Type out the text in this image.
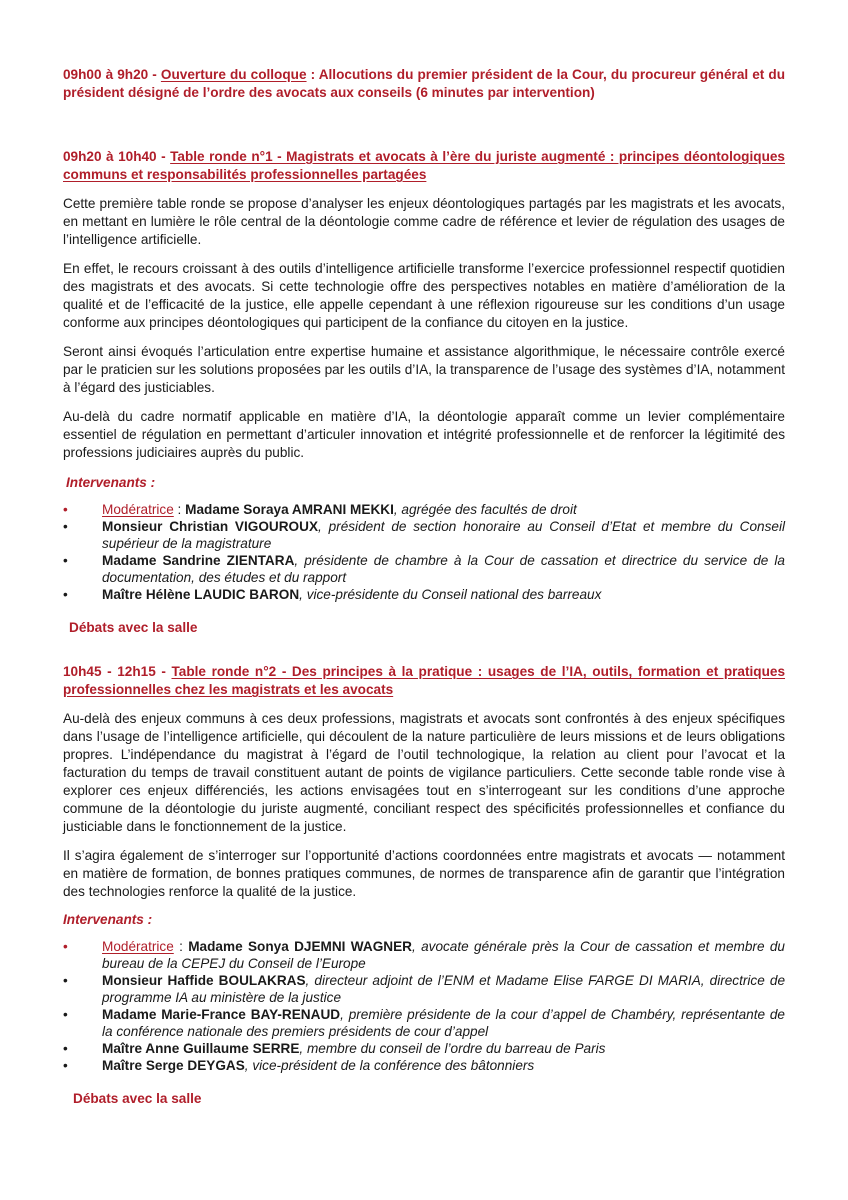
09h00 à 9h20 - Ouverture du colloque : Allocutions du premier président de la Cour, du procureur général et du président désigné de l’ordre des avocats aux conseils (6 minutes par intervention)
09h20 à 10h40 - Table ronde n°1 - Magistrats et avocats à l’ère du juriste augmenté : principes déontologiques communs et responsabilités professionnelles partagées

Cette première table ronde se propose d’analyser les enjeux déontologiques partagés par les magistrats et les avocats, en mettant en lumière le rôle central de la déontologie comme cadre de référence et levier de régulation des usages de l’intelligence artificielle.

En effet, le recours croissant à des outils d’intelligence artificielle transforme l’exercice professionnel respectif quotidien des magistrats et des avocats. Si cette technologie offre des perspectives notables en matière d’amélioration de la qualité et de l’efficacité de la justice, elle appelle cependant à une réflexion rigoureuse sur les conditions d’un usage conforme aux principes déontologiques qui participent de la confiance du citoyen en la justice.

Seront ainsi évoqués l’articulation entre expertise humaine et assistance algorithmique, le nécessaire contrôle exercé par le praticien sur les solutions proposées par les outils d’IA, la transparence de l’usage des systèmes d’IA, notamment à l’égard des justiciables.

Au-delà du cadre normatif applicable en matière d’IA, la déontologie apparaît comme un levier complémentaire essentiel de régulation en permettant d’articuler innovation et intégrité professionnelle et de renforcer la légitimité des professions judiciaires auprès du public.

Intervenants :

•	Modératrice : Madame Soraya AMRANI MEKKI, agrégée des facultés de droit
•	Monsieur Christian VIGOUROUX, président de section honoraire au Conseil d’Etat et membre du Conseil supérieur de la magistrature
•	Madame Sandrine ZIENTARA, présidente de chambre à la Cour de cassation et directrice du service de la documentation, des études et du rapport
•	Maître Hélène LAUDIC BARON, vice-présidente du Conseil national des barreaux

Débats avec la salle

10h45 - 12h15 - Table ronde n°2 - Des principes à la pratique : usages de l’IA, outils, formation et pratiques professionnelles chez les magistrats et les avocats

Au-delà des enjeux communs à ces deux professions, magistrats et avocats sont confrontés à des enjeux spécifiques dans l’usage de l’intelligence artificielle, qui découlent de la nature particulière de leurs missions et de leurs obligations propres. L’indépendance du magistrat à l’égard de l’outil technologique, la relation au client pour l’avocat et la facturation du temps de travail constituent autant de points de vigilance particuliers. Cette seconde table ronde vise à explorer ces enjeux différenciés, les actions envisagées tout en s’interrogeant sur les conditions d’une approche commune de la déontologie du juriste augmenté, conciliant respect des spécificités professionnelles et confiance du justiciable dans le fonctionnement de la justice.

Il s’agira également de s’interroger sur l’opportunité d’actions coordonnées entre magistrats et avocats — notamment en matière de formation, de bonnes pratiques communes, de normes de transparence afin de garantir que l’intégration des technologies renforce la qualité de la justice.

Intervenants :

•	Modératrice : Madame Sonya DJEMNI WAGNER, avocate générale près la Cour de cassation et membre du bureau de la CEPEJ du Conseil de l’Europe
•	Monsieur Haffide BOULAKRAS, directeur adjoint de l’ENM et Madame Elise FARGE DI MARIA, directrice de programme IA au ministère de la justice
•	Madame Marie-France BAY-RENAUD, première présidente de la cour d’appel de Chambéry, représentante de la conférence nationale des premiers présidents de cour d’appel
•	Maître Anne Guillaume SERRE, membre du conseil de l’ordre du barreau de Paris
•	Maître Serge DEYGAS, vice-président de la conférence des bâtonniers

Débats avec la salle
